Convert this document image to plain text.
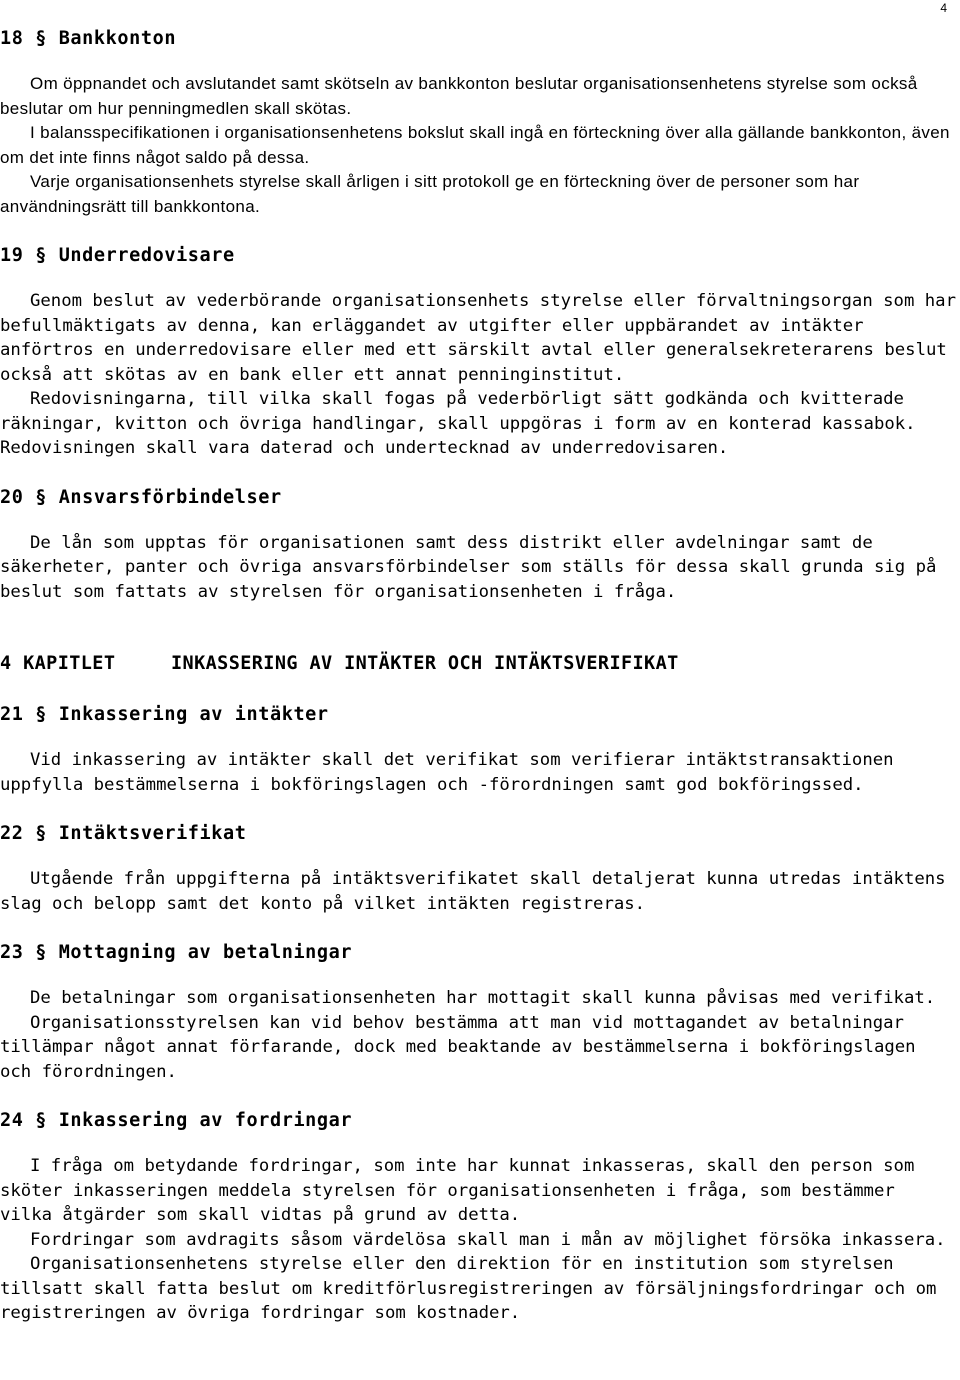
4
18 § Bankkonton

Om öppnandet och avslutandet samt skötseln av bankkonton beslutar organisationsenhetens styrelse som också beslutar om hur penningmedlen skall skötas.

I balansspecifikationen i organisationsenhetens bokslut skall ingå en förteckning över alla gällande bankkonton, även om det inte finns något saldo på dessa.

Varje organisationsenhets styrelse skall årligen i sitt protokoll ge en förteckning över de personer som har användningsrätt till bankkontona.

19 § Underredovisare

Genom beslut av vederbörande organisationsenhets styrelse eller förvaltningsorgan som har befullmäktigats av denna, kan erläggandet av utgifter eller uppbärandet av intäkter anförtros en underredovisare eller med ett särskilt avtal eller generalsekreterarens beslut också att skötas av en bank eller ett annat penninginstitut.

Redovisningarna, till vilka skall fogas på vederbörligt sätt godkända och kvitterade räkningar, kvitton och övriga handlingar, skall uppgöras i form av en konterad kassabok. Redovisningen skall vara daterad och undertecknad av underredovisaren.

20 § Ansvarsförbindelser

De lån som upptas för organisationen samt dess distrikt eller avdelningar samt de säkerheter, panter och övriga ansvarsförbindelser som ställs för dessa skall grunda sig på beslut som fattats av styrelsen för organisationsenheten i fråga.

4 KAPITLET	INKASSERING AV INTÄKTER OCH INTÄKTSVERIFIKAT
21 § Inkassering av intäkter

Vid inkassering av intäkter skall det verifikat som verifierar intäktstransaktionen uppfylla bestämmelserna i bokföringslagen och -förordningen samt god bokföringssed.

22 § Intäktsverifikat

Utgående från uppgifterna på intäktsverifikatet skall detaljerat kunna utredas intäktens slag och belopp samt det konto på vilket intäkten registreras.

23 § Mottagning av betalningar

De betalningar som organisationsenheten har mottagit skall kunna påvisas med verifikat.

Organisationsstyrelsen kan vid behov bestämma att man vid mottagandet av betalningar tillämpar något annat förfarande, dock med beaktande av bestämmelserna i bokföringslagen och förordningen.

24 § Inkassering av fordringar

I fråga om betydande fordringar, som inte har kunnat inkasseras, skall den person som sköter inkasseringen meddela styrelsen för organisationsenheten i fråga, som bestämmer vilka åtgärder som skall vidtas på grund av detta.

Fordringar som avdragits såsom värdelösa skall man i mån av möjlighet försöka inkassera.

Organisationsenhetens styrelse eller den direktion för en institution som styrelsen tillsatt skall fatta beslut om kreditförlusregistreringen av försäljningsfordringar och om registreringen av övriga fordringar som kostnader.
